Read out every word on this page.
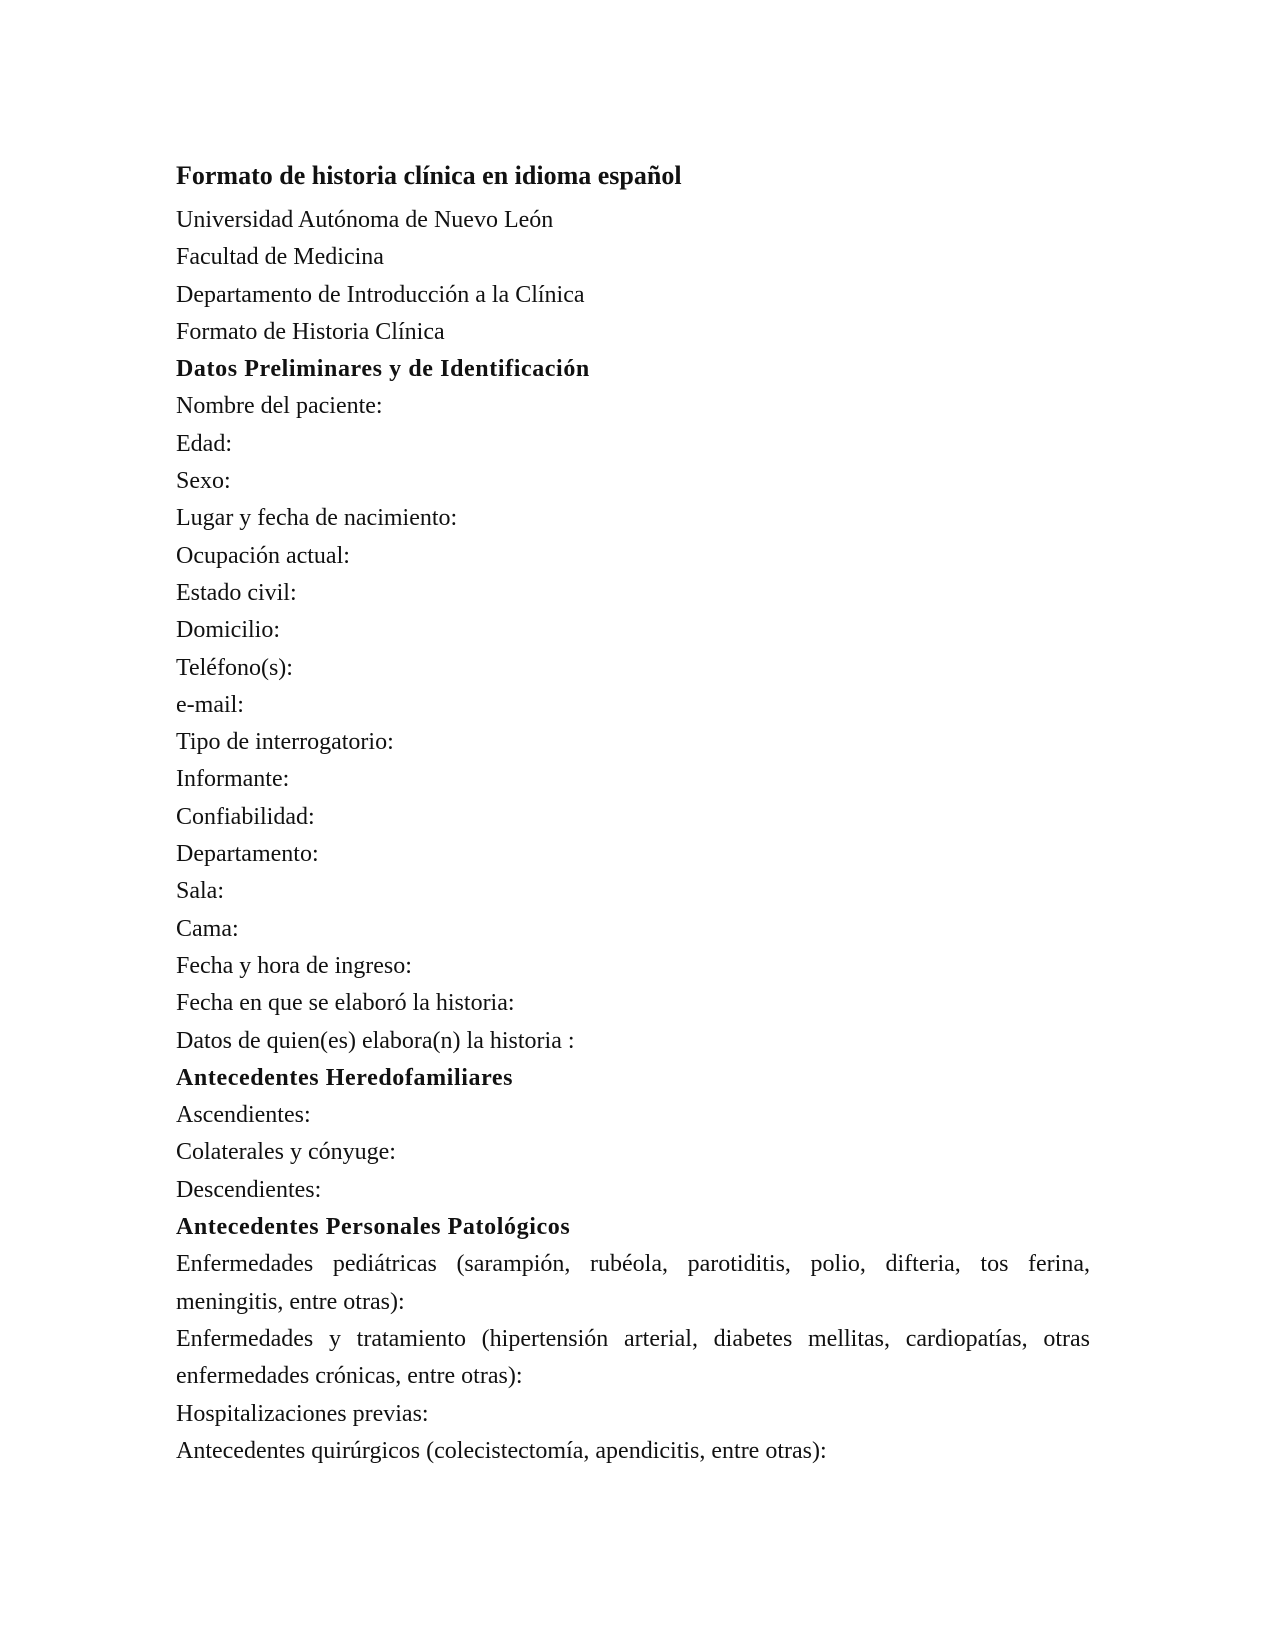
Formato de historia clínica en idioma español

Universidad Autónoma de Nuevo León

Facultad de Medicina

Departamento de Introducción a la Clínica

Formato de Historia Clínica

Datos Preliminares y de Identificación

Nombre del paciente:

Edad:

Sexo:

Lugar y fecha de nacimiento:

Ocupación actual:

Estado civil:

Domicilio:

Teléfono(s):

e-mail:

Tipo de interrogatorio:

Informante:

Confiabilidad:

Departamento:

Sala:

Cama:

Fecha y hora de ingreso:

Fecha en que se elaboró la historia:

Datos de quien(es) elabora(n) la historia :

Antecedentes Heredofamiliares

Ascendientes:

Colaterales y cónyuge:

Descendientes:

Antecedentes Personales Patológicos

Enfermedades pediátricas (sarampión, rubéola, parotiditis, polio, difteria, tos ferina, meningitis, entre otras):

Enfermedades y tratamiento (hipertensión arterial, diabetes mellitas, cardiopatías, otras enfermedades crónicas, entre otras):

Hospitalizaciones previas:

Antecedentes quirúrgicos (colecistectomía, apendicitis, entre otras):
